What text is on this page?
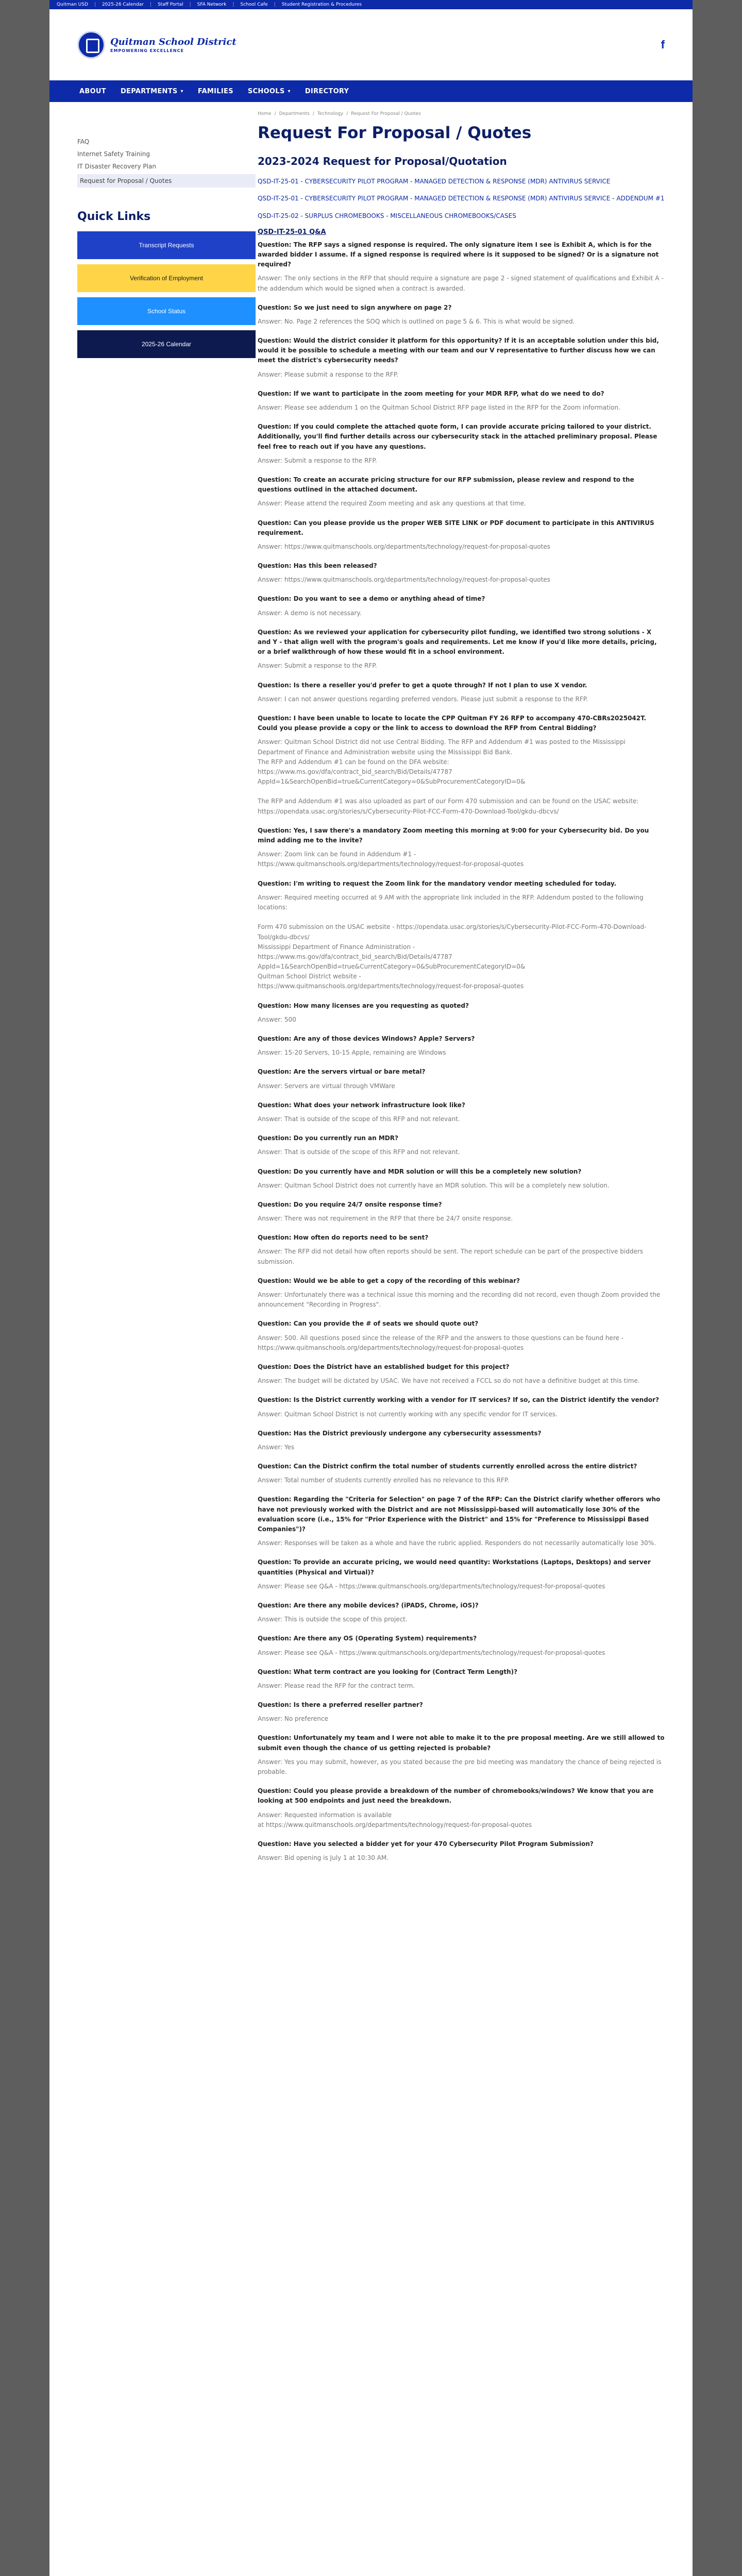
Quitman USD | 2025-26 Calendar | Staff Portal | SFA Network | School Cafe | Student Registration & Procedures
Quitman School District
EMPOWERING EXCELLENCE	f
ABOUT DEPARTMENTS ▾ FAMILIES SCHOOLS ▾ DIRECTORY
FAQ
Internet Safety Training
IT Disaster Recovery Plan
Request for Proposal / Quotes
Quick Links
Transcript Requests
Verification of Employment
School Status
2025-26 Calendar
Home / Departments / Technology / Request For Proposal / Quotes
Request For Proposal / Quotes
2023-2024 Request for Proposal/Quotation
QSD-IT-25-01 - CYBERSECURITY PILOT PROGRAM - MANAGED DETECTION & RESPONSE (MDR) ANTIVIRUS SERVICE
QSD-IT-25-01 - CYBERSECURITY PILOT PROGRAM - MANAGED DETECTION & RESPONSE (MDR) ANTIVIRUS SERVICE - ADDENDUM #1
QSD-IT-25-02 - SURPLUS CHROMEBOOKS - MISCELLANEOUS CHROMEBOOKS/CASES
QSD-IT-25-01 Q&A
Question: The RFP says a signed response is required. The only signature item I see is Exhibit A, which is for the awarded bidder I assume. If a signed response is required where is it supposed to be signed? Or is a signature not required?
Answer: The only sections in the RFP that should require a signature are page 2 - signed statement of qualifications and Exhibit A - the addendum which would be signed when a contract is awarded.
Question: So we just need to sign anywhere on page 2?
Answer: No. Page 2 references the SOQ which is outlined on page 5 & 6. This is what would be signed.
Question: Would the district consider it platform for this opportunity? If it is an acceptable solution under this bid, would it be possible to schedule a meeting with our team and our V representative to further discuss how we can meet the district's cybersecurity needs?
Answer: Please submit a response to the RFP.
Question: If we want to participate in the zoom meeting for your MDR RFP, what do we need to do?
Answer: Please see addendum 1 on the Quitman School District RFP page listed in the RFP for the Zoom information.
Question: If you could complete the attached quote form, I can provide accurate pricing tailored to your district. Additionally, you'll find further details across our cybersecurity stack in the attached preliminary proposal. Please feel free to reach out if you have any questions.
Answer: Submit a response to the RFP.
Question: To create an accurate pricing structure for our RFP submission, please review and respond to the questions outlined in the attached document.
Answer: Please attend the required Zoom meeting and ask any questions at that time.
Question: Can you please provide us the proper WEB SITE LINK or PDF document to participate in this ANTIVIRUS requirement.
Answer: https://www.quitmanschools.org/departments/technology/request-for-proposal-quotes
Question: Has this been released?
Answer: https://www.quitmanschools.org/departments/technology/request-for-proposal-quotes
Question: Do you want to see a demo or anything ahead of time?
Answer: A demo is not necessary.
Question: As we reviewed your application for cybersecurity pilot funding, we identified two strong solutions - X and Y - that align well with the program's goals and requirements. Let me know if you'd like more details, pricing, or a brief walkthrough of how these would fit in a school environment.
Answer: Submit a response to the RFP.
Question: Is there a reseller you'd prefer to get a quote through? If not I plan to use X vendor.
Answer: I can not answer questions regarding preferred vendors. Please just submit a response to the RFP.
Question: I have been unable to locate to locate the CPP Quitman FY 26 RFP to accompany 470-CBRs2025042T. Could you please provide a copy or the link to access to download the RFP from Central Bidding?
Answer: Quitman School District did not use Central Bidding. The RFP and Addendum #1 was posted to the Mississippi Department of Finance and Administration website using the Mississippi Bid Bank.
The RFP and Addendum #1 can be found on the DFA website:
https://www.ms.gov/dfa/contract_bid_search/Bid/Details/47787
AppId=1&SearchOpenBid=true&CurrentCategory=0&SubProcurementCategoryID=0&

The RFP and Addendum #1 was also uploaded as part of our Form 470 submission and can be found on the USAC website:
https://opendata.usac.org/stories/s/Cybersecurity-Pilot-FCC-Form-470-Download-Tool/gkdu-dbcvs/
Question: Yes, I saw there's a mandatory Zoom meeting this morning at 9:00 for your Cybersecurity bid. Do you mind adding me to the invite?
Answer: Zoom link can be found in Addendum #1 -
https://www.quitmanschools.org/departments/technology/request-for-proposal-quotes
Question: I'm writing to request the Zoom link for the mandatory vendor meeting scheduled for today.
Answer: Required meeting occurred at 9 AM with the appropriate link included in the RFP. Addendum posted to the following locations:

Form 470 submission on the USAC website - https://opendata.usac.org/stories/s/Cybersecurity-Pilot-FCC-Form-470-Download-Tool/gkdu-dbcvs/
Mississippi Department of Finance Administration -
https://www.ms.gov/dfa/contract_bid_search/Bid/Details/47787
AppId=1&SearchOpenBid=true&CurrentCategory=0&SubProcurementCategoryID=0&
Quitman School District website -
https://www.quitmanschools.org/departments/technology/request-for-proposal-quotes
Question: How many licenses are you requesting as quoted?
Answer: 500
Question: Are any of those devices Windows? Apple? Servers?
Answer: 15-20 Servers, 10-15 Apple, remaining are Windows
Question: Are the servers virtual or bare metal?
Answer: Servers are virtual through VMWare
Question: What does your network infrastructure look like?
Answer: That is outside of the scope of this RFP and not relevant.
Question: Do you currently run an MDR?
Answer: That is outside of the scope of this RFP and not relevant.
Question: Do you currently have and MDR solution or will this be a completely new solution?
Answer: Quitman School District does not currently have an MDR solution. This will be a completely new solution.
Question: Do you require 24/7 onsite response time?
Answer: There was not requirement in the RFP that there be 24/7 onsite response.
Question: How often do reports need to be sent?
Answer: The RFP did not detail how often reports should be sent. The report schedule can be part of the prospective bidders submission.
Question: Would we be able to get a copy of the recording of this webinar?
Answer: Unfortunately there was a technical issue this morning and the recording did not record, even though Zoom provided the announcement "Recording in Progress".
Question: Can you provide the # of seats we should quote out?
Answer: 500. All questions posed since the release of the RFP and the answers to those questions can be found here -
https://www.quitmanschools.org/departments/technology/request-for-proposal-quotes
Question: Does the District have an established budget for this project?
Answer: The budget will be dictated by USAC. We have not received a FCCL so do not have a definitive budget at this time.
Question: Is the District currently working with a vendor for IT services? If so, can the District identify the vendor?
Answer: Quitman School District is not currently working with any specific vendor for IT services.
Question: Has the District previously undergone any cybersecurity assessments?
Answer: Yes
Question: Can the District confirm the total number of students currently enrolled across the entire district?
Answer: Total number of students currently enrolled has no relevance to this RFP.
Question: Regarding the "Criteria for Selection" on page 7 of the RFP: Can the District clarify whether offerors who have not previously worked with the District and are not Mississippi-based will automatically lose 30% of the evaluation score (i.e., 15% for "Prior Experience with the District" and 15% for "Preference to Mississippi Based Companies")?
Answer: Responses will be taken as a whole and have the rubric applied. Responders do not necessarily automatically lose 30%.
Question: To provide an accurate pricing, we would need quantity: Workstations (Laptops, Desktops) and server quantities (Physical and Virtual)?
Answer: Please see Q&A - https://www.quitmanschools.org/departments/technology/request-for-proposal-quotes
Question: Are there any mobile devices? (iPADS, Chrome, iOS)?
Answer: This is outside the scope of this project.
Question: Are there any OS (Operating System) requirements?
Answer: Please see Q&A - https://www.quitmanschools.org/departments/technology/request-for-proposal-quotes
Question: What term contract are you looking for (Contract Term Length)?
Answer: Please read the RFP for the contract term.
Question: Is there a preferred reseller partner?
Answer: No preference
Question: Unfortunately my team and I were not able to make it to the pre proposal meeting. Are we still allowed to submit even though the chance of us getting rejected is probable?
Answer: Yes you may submit, however, as you stated because the pre bid meeting was mandatory the chance of being rejected is probable.
Question: Could you please provide a breakdown of the number of chromebooks/windows? We know that you are looking at 500 endpoints and just need the breakdown.
Answer: Requested information is available
at https://www.quitmanschools.org/departments/technology/request-for-proposal-quotes
Question: Have you selected a bidder yet for your 470 Cybersecurity Pilot Program Submission?
Answer: Bid opening is July 1 at 10:30 AM.
